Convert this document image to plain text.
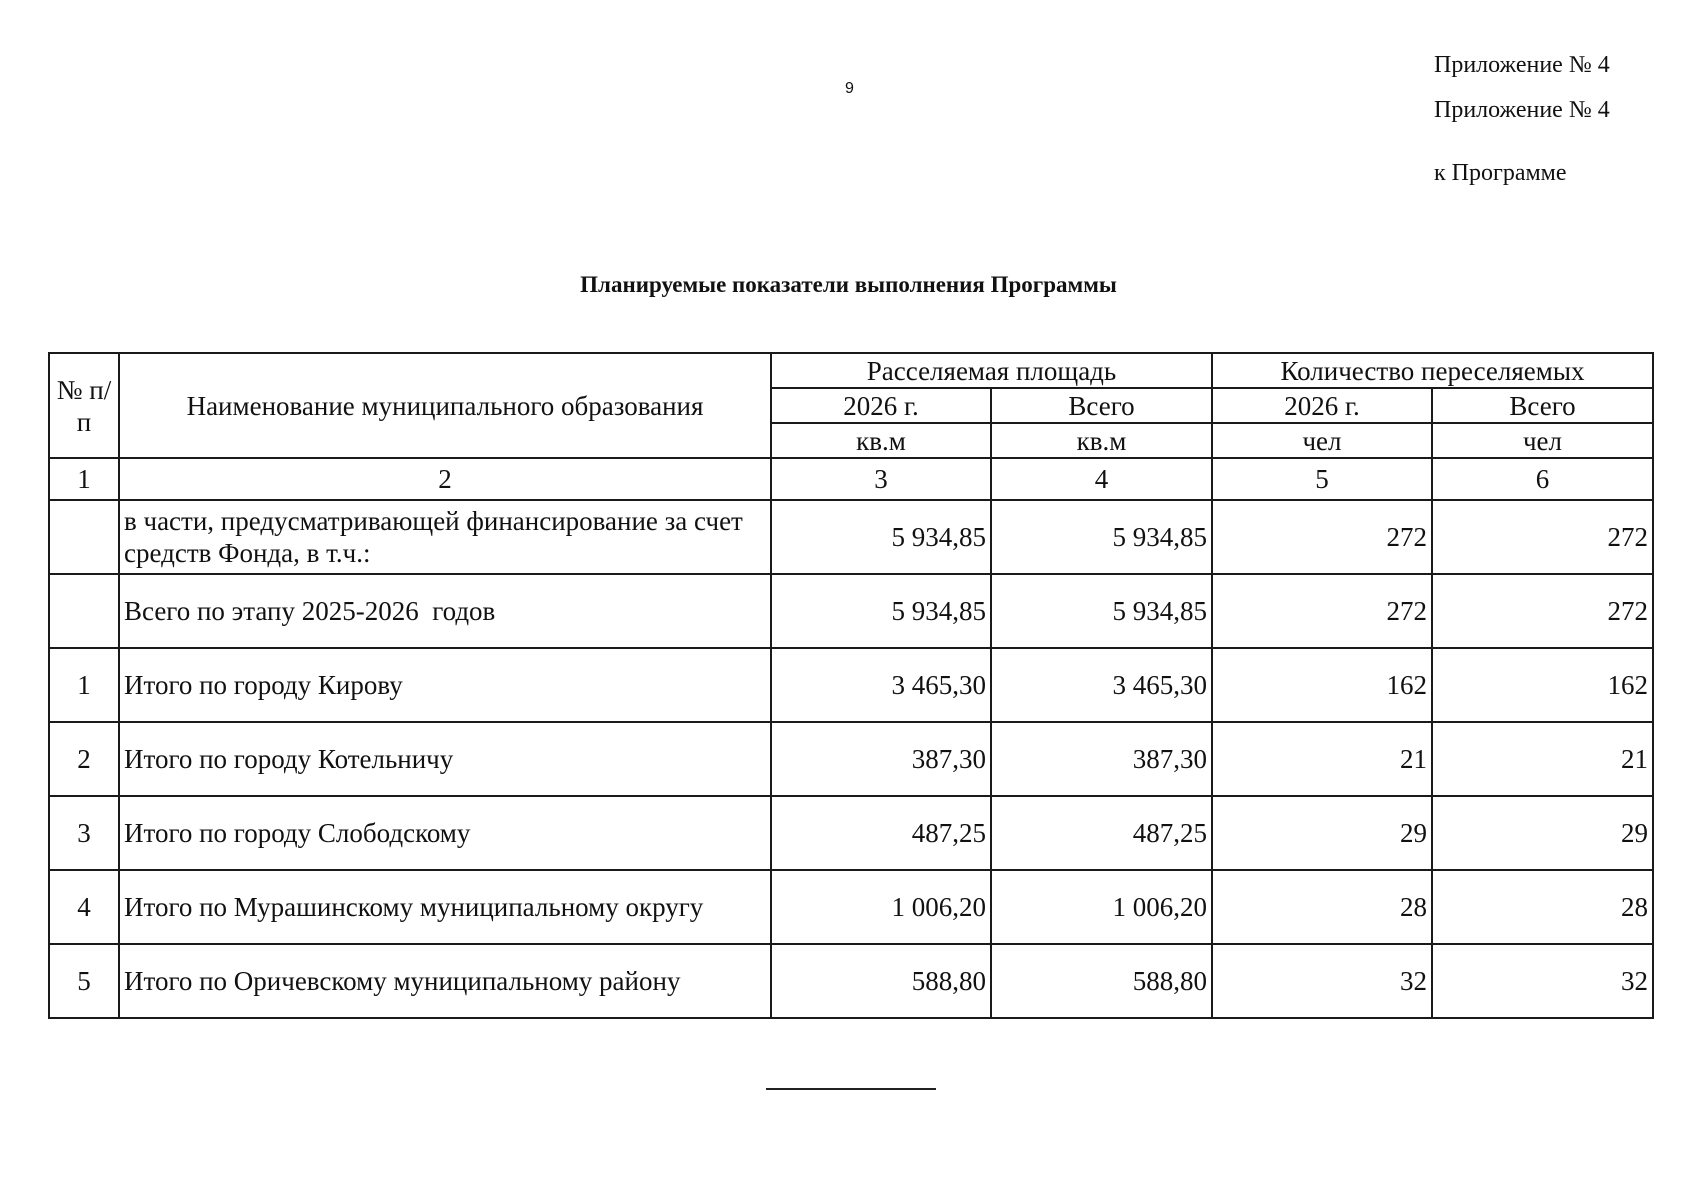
9
Приложение № 4
Приложение № 4
к Программе
Планируемые показатели выполнения Программы
№ п/п	Наименование муниципального образования	Расселяемая площадь		Количество переселяемых	
		2026 г.	Всего	2026 г.	Всего
		кв.м	кв.м	чел	чел
1	2	3	4	5	6
	в части, предусматривающей финансирование за счет средств Фонда, в т.ч.:	5 934,85	5 934,85	272	272
	Всего по этапу 2025-2026  годов	5 934,85	5 934,85	272	272
1	Итого по городу Кирову	3 465,30	3 465,30	162	162
2	Итого по городу Котельничу	387,30	387,30	21	21
3	Итого по городу Слободскому	487,25	487,25	29	29
4	Итого по Мурашинскому муниципальному округу	1 006,20	1 006,20	28	28
5	Итого по Оричевскому муниципальному району	588,80	588,80	32	32
